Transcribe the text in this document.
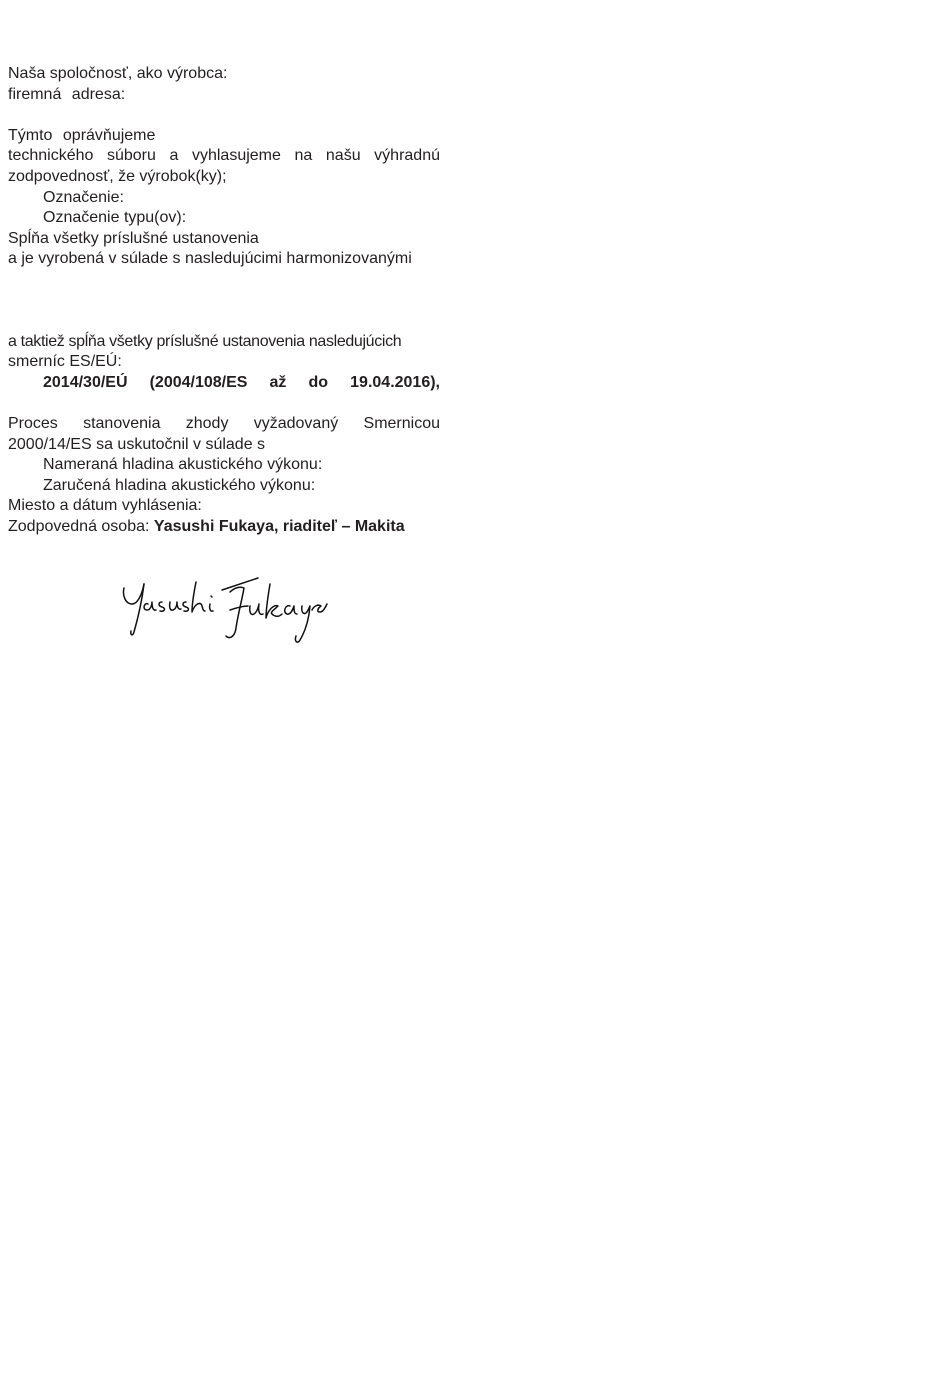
Naša spoločnosť, ako výrobca:
firemná adresa:
Týmto oprávňujeme
technického súboru a vyhlasujeme na našu výhradnú
zodpovednosť, že výrobok(ky);
Označenie:
Označenie typu(ov):
Spĺňa všetky príslušné ustanovenia
a je vyrobená v súlade s nasledujúcimi harmonizovanými
a taktiež spĺňa všetky príslušné ustanovenia nasledujúcich
smerníc ES/EÚ:
2014/30/EÚ (2004/108/ES až do 19.04.2016),
Proces stanovenia zhody vyžadovaný Smernicou
2000/14/ES sa uskutočnil v súlade s
Nameraná hladina akustického výkonu:
Zaručená hladina akustického výkonu:
Miesto a dátum vyhlásenia:
Zodpovedná osoba: Yasushi Fukaya, riaditeľ – Makita
